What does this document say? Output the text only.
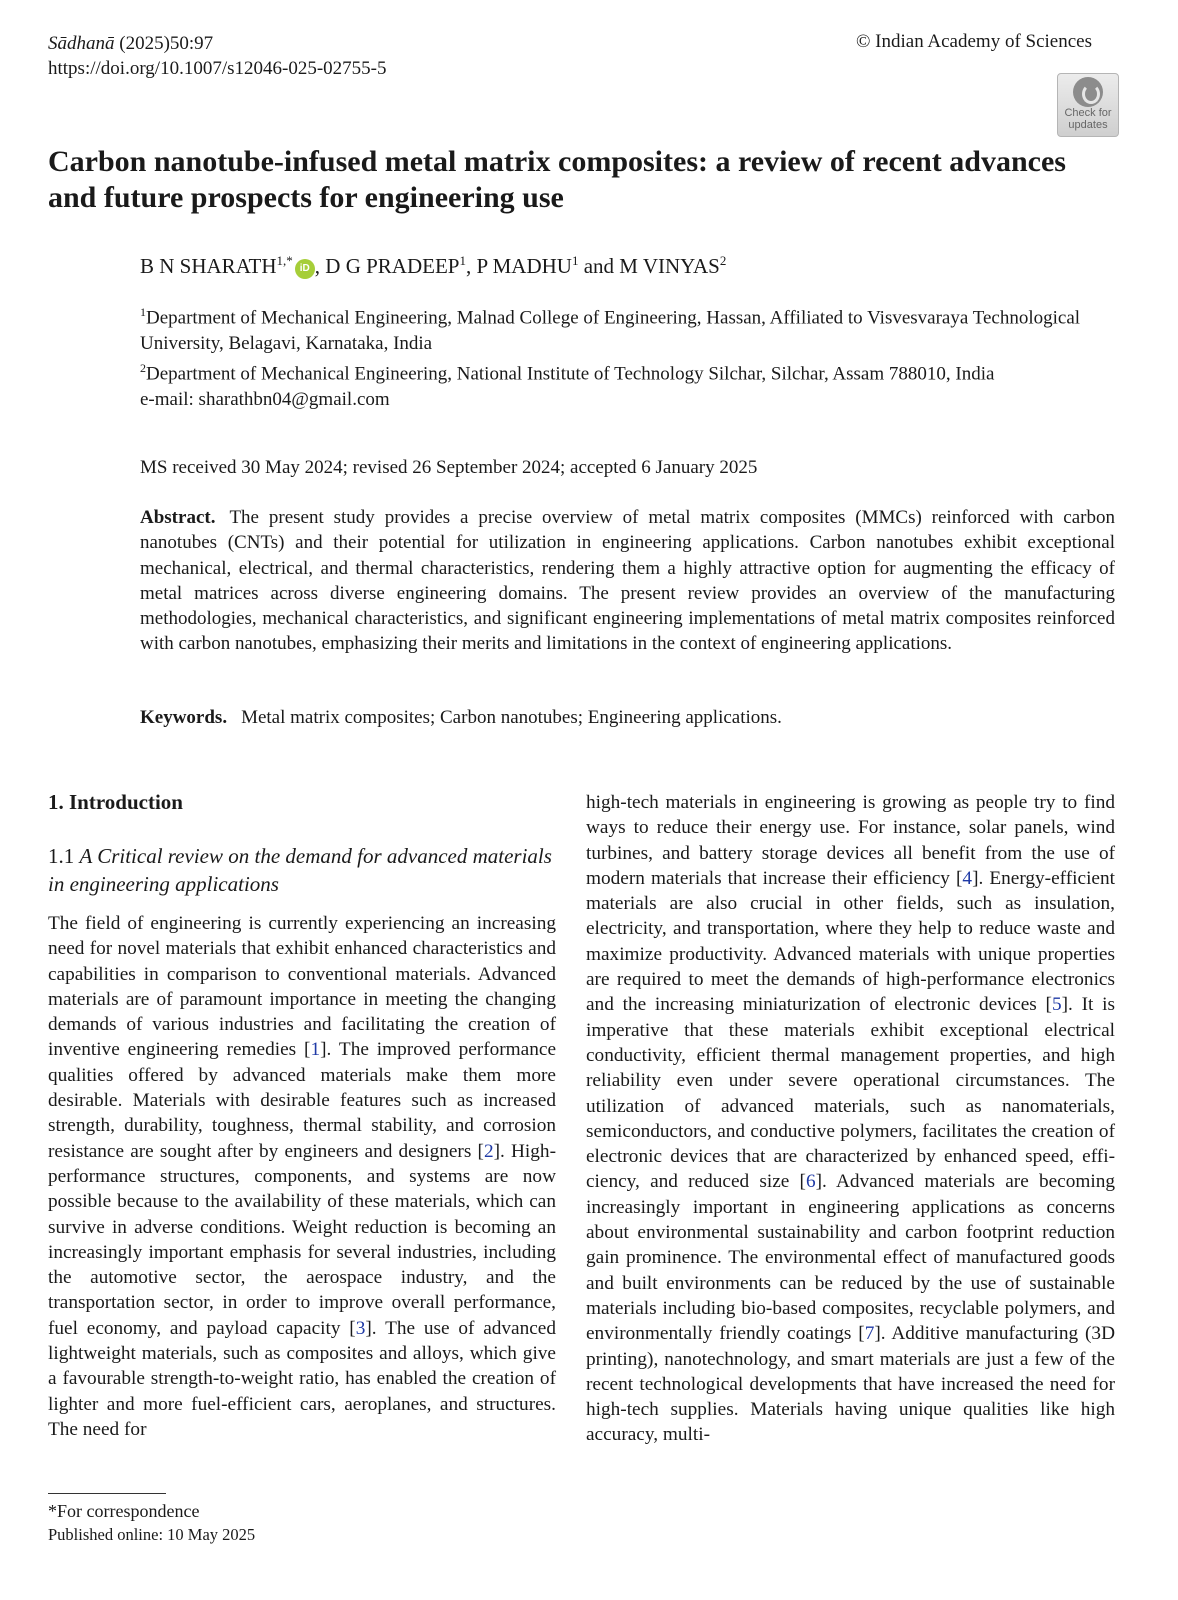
Sādhanā (2025)50:97
https://doi.org/10.1007/s12046-025-02755-5
© Indian Academy of Sciences
Check for
updates
Carbon nanotube-infused metal matrix composites: a review of recent advances and future prospects for engineering use
B N $SHARATH^{1,*}iD$ , D G PRADEEP$^1$, P MADHU$^1$ and M VINYAS$^2$
$^1$Department of Mechanical Engineering, Malnad College of Engineering, Hassan, Affiliated to Visvesvaraya Technological University, Belagavi, Karnataka, India
$^2$Department of Mechanical Engineering, National Institute of Technology Silchar, Silchar, Assam 788010, India
e-mail: sharathbn04@gmail.com
MS received 30 May 2024; revised 26 September 2024; accepted 6 January 2025
Abstract. The present study provides a precise overview of metal matrix composites (MMCs) reinforced with carbon nanotubes (CNTs) and their potential for utilization in engineering applications. Carbon nanotubes exhibit exceptional mechanical, electrical, and thermal characteristics, rendering them a highly attractive option for augmenting the efficacy of metal matrices across diverse engineering domains. The present review provides an overview of the manufacturing methodologies, mechanical characteristics, and significant engineering implementations of metal matrix composites reinforced with carbon nanotubes, emphasizing their merits and limitations in the context of engineering applications.
Keywords. Metal matrix composites; Carbon nanotubes; Engineering applications.
1. Introduction
1.1 A Critical review on the demand for advanced materials in engineering applications
The field of engineering is currently experiencing an increasing need for novel materials that exhibit enhanced characteristics and capabilities in comparison to conventional materials. Advanced materials are of paramount importance in meeting the changing demands of various industries and facilitating the creation of inventive engineering remedies [1]. The improved performance qualities offered by advanced materials make them more desirable. Materials with desirable features such as increased strength, durability, toughness, thermal stability, and corrosion resistance are sought after by engineers and designers [2]. High-performance structures, components, and systems are now possible because to the availability of these materials, which can survive in adverse conditions. Weight reduction is becoming an increasingly important emphasis for several industries, including the automotive sector, the aerospace industry, and the transportation sector, in order to improve overall performance, fuel economy, and payload capacity [3]. The use of advanced lightweight materials, such as composites and alloys, which give a favourable strength-to-weight ratio, has enabled the creation of lighter and more fuel-efficient cars, aeroplanes, and structures. The need for
high-tech materials in engineering is growing as people try to find ways to reduce their energy use. For instance, solar panels, wind turbines, and battery storage devices all benefit from the use of modern materials that increase their efficiency [4]. Energy-efficient materials are also crucial in other fields, such as insulation, electricity, and transportation, where they help to reduce waste and maximize productivity. Advanced materials with unique properties are required to meet the demands of high-performance electronics and the increasing miniaturization of electronic devices [5]. It is imperative that these materials exhibit exceptional electrical conductivity, efficient thermal management properties, and high reliability even under severe operational circumstances. The utilization of advanced materials, such as nanomaterials, semiconductors, and conductive polymers, facilitates the creation of electronic devices that are characterized by enhanced speed, efficiency, and reduced size [6]. Advanced materials are becoming increasingly important in engineering applications as concerns about environmental sustainability and carbon footprint reduction gain prominence. The environmental effect of manufactured goods and built environments can be reduced by the use of sustainable materials including bio-based composites, recyclable polymers, and environmentally friendly coatings [7]. Additive manufacturing (3D printing), nanotechnology, and smart materials are just a few of the recent technological developments that have increased the need for high-tech supplies. Materials having unique qualities like high accuracy, multi-
*For correspondence
Published online: 10 May 2025
